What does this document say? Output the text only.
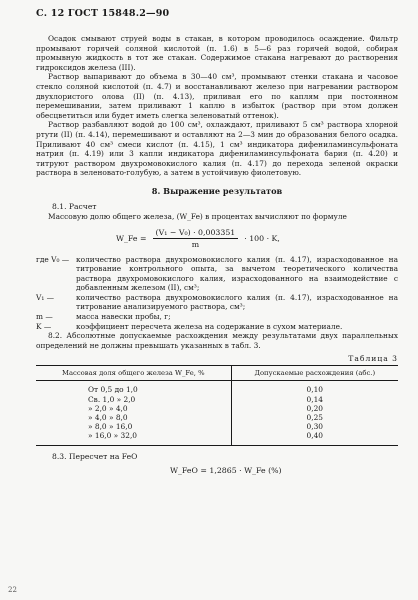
С. 12 ГОСТ 15848.2—90

Осадок смывают струей воды в стакан, в котором проводилось осаждение. Фильтр промывают горячей соляной кислотой (п. 1.6) в 5—6 раз горячей водой, собирая промывную жидкость в тот же стакан. Содержимое стакана нагревают до растворения гидроксидов железа (III).

Раствор выпаривают до объема в 30—40 см³, промывают стенки стакана и часовое стекло соляной кислотой (п. 4.7) и восстанавливают железо при нагревании раствором двухлористого олова (II) (п. 4.13), приливая его по каплям при постоянном перемешивании, затем приливают 1 каплю в избыток (раствор при этом должен обесцветиться или будет иметь слегка зеленоватый оттенок).

Раствор разбавляют водой до 100 см³, охлаждают, приливают 5 см³ раствора хлорной ртути (II) (п. 4.14), перемешивают и оставляют на 2—3 мин до образования белого осадка. Приливают 40 см³ смеси кислот (п. 4.15), 1 см³ индикатора дифениламинсульфоната натрия (п. 4.19) или 3 капли индикатора дифениламинсульфоната бария (п. 4.20) и титруют раствором двухромовокислого калия (п. 4.17) до перехода зеленой окраски раствора в зеленовато-голубую, а затем в устойчивую фиолетовую.

8. Выражение результатов
8.1. Расчет

Массовую долю общего железа, (W_Fe) в процентах вычисляют по формуле

W_Fe = $\frac{\text{(V₁ − V₀) · 0,003351}}{m} \cdot 100 \cdot K$,
где V₀ — количество раствора двухромовокислого калия (п. 4.17), израсходованное на титрование контрольного опыта, за вычетом теоретического количества раствора двухромовокислого калия, израсходованного на взаимодействие с добавленным железом (II), см³;
V₁ —	количество раствора двухромовокислого калия (п. 4.17), израсходованное на титрование анализируемого раствора, см³;
m —	масса навески пробы, г;
K —	коэффициент пересчета железа на содержание в сухом материале.

8.2. Абсолютные допускаемые расхождения между результатами двух параллельных определений не должны превышать указанных в табл. 3.

Таблица 3
Массовая доля общего железа W_Fe, %	Допускаемые расхождения (абс.)
От 0,5 до 1,0	0,10
Св. 1,0 » 2,0	0,14
» 2,0 » 4,0	0,20
» 4,0 » 8,0	0,25
» 8,0 » 16,0	0,30
» 16,0 » 32,0	0,40
8.3. Пересчет на FeO
W_FeO = 1,2865 · W_Fe (%)
22
